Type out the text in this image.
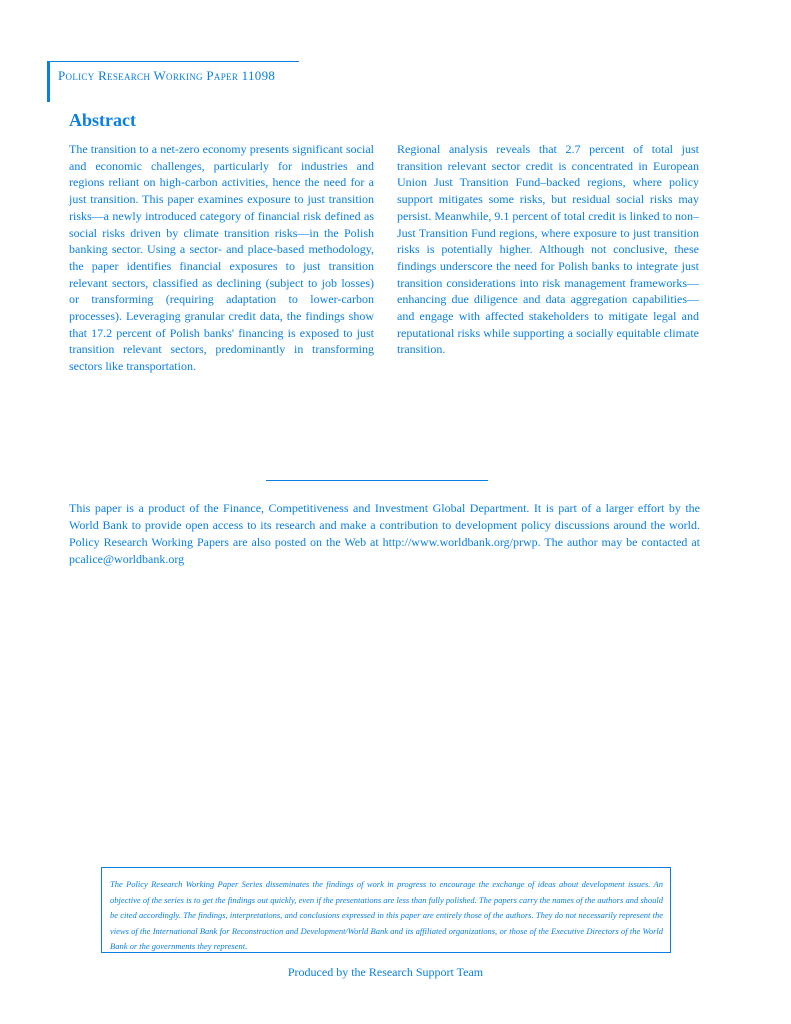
Policy Research Working Paper 11098
Abstract
The transition to a net-zero economy presents significant social and economic challenges, particularly for industries and regions reliant on high-carbon activities, hence the need for a just transition. This paper examines exposure to just transition risks—a newly introduced category of financial risk defined as social risks driven by climate transition risks—in the Polish banking sector. Using a sector- and place-based methodology, the paper identifies financial exposures to just transition relevant sectors, classified as declining (subject to job losses) or transforming (requiring adaptation to lower-carbon processes). Leveraging granular credit data, the findings show that 17.2 percent of Polish banks' financing is exposed to just transition relevant sectors, predominantly in transforming sectors like transportation.
Regional analysis reveals that 2.7 percent of total just transition relevant sector credit is concentrated in European Union Just Transition Fund–backed regions, where policy support mitigates some risks, but residual social risks may persist. Meanwhile, 9.1 percent of total credit is linked to non–Just Transition Fund regions, where exposure to just transition risks is potentially higher. Although not conclusive, these findings underscore the need for Polish banks to integrate just transition considerations into risk management frameworks—enhancing due diligence and data aggregation capabilities—and engage with affected stakeholders to mitigate legal and reputational risks while supporting a socially equitable climate transition.
This paper is a product of the Finance, Competitiveness and Investment Global Department. It is part of a larger effort by the World Bank to provide open access to its research and make a contribution to development policy discussions around the world. Policy Research Working Papers are also posted on the Web at http://www.worldbank.org/prwp. The author may be contacted at pcalice@worldbank.org
The Policy Research Working Paper Series disseminates the findings of work in progress to encourage the exchange of ideas about development issues. An objective of the series is to get the findings out quickly, even if the presentations are less than fully polished. The papers carry the names of the authors and should be cited accordingly. The findings, interpretations, and conclusions expressed in this paper are entirely those of the authors. They do not necessarily represent the views of the International Bank for Reconstruction and Development/World Bank and its affiliated organizations, or those of the Executive Directors of the World Bank or the governments they represent.
Produced by the Research Support Team
